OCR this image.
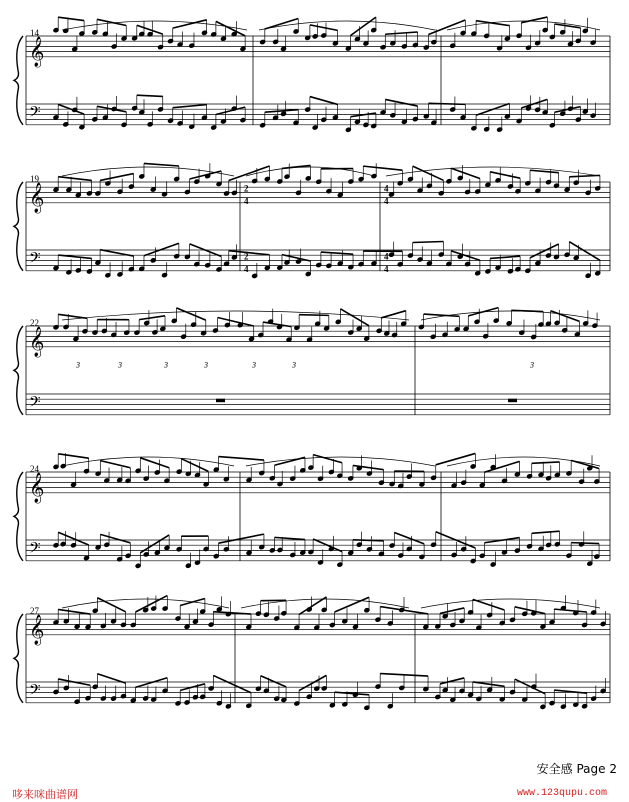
𝄞
𝄢
𝄞
𝄢
𝄞
𝄢
𝄞
𝄢
𝄞
𝄢
2
4
2
4
4
4
4
4
3	3	3	3	3	3	3
14
19
22
24
27
安全感 Page 2
哆来咪曲谱网	www.123qupu.com
